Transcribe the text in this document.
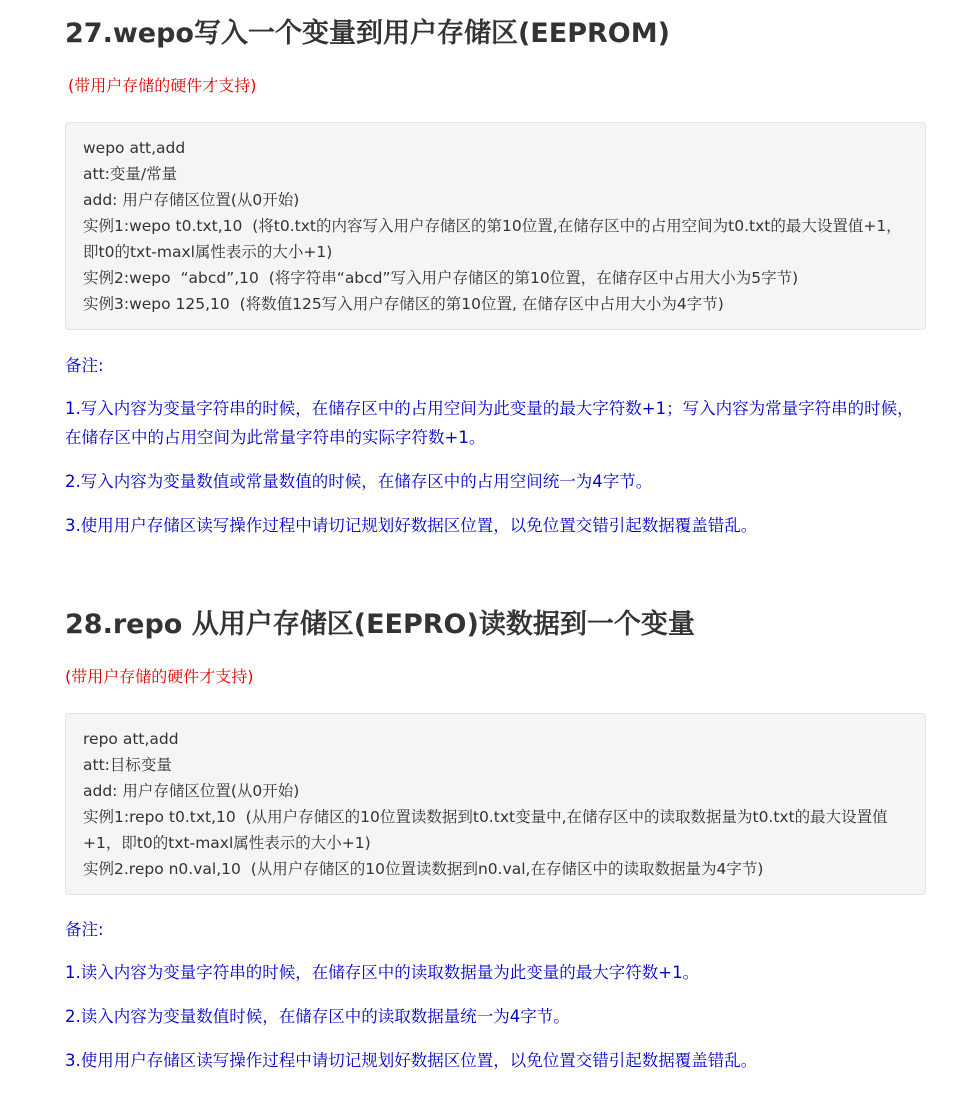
27.wepo写入一个变量到用户存储区(EEPROM)
(带用户存储的硬件才支持)
wepo att,add
att:变量/常量
add: 用户存储区位置(从0开始)
实例1:wepo t0.txt,10  (将t0.txt的内容写入用户存储区的第10位置,在储存区中的占用空间为t0.txt的最大设置值+1，即t0的txt-maxl属性表示的大小+1)
实例2:wepo  “abcd”,10  (将字符串“abcd”写入用户存储区的第10位置，在储存区中占用大小为5字节)
实例3:wepo 125,10  (将数值125写入用户存储区的第10位置, 在储存区中占用大小为4字节)
备注:
1.写入内容为变量字符串的时候，在储存区中的占用空间为此变量的最大字符数+1；写入内容为常量字符串的时候，在储存区中的占用空间为此常量字符串的实际字符数+1。
2.写入内容为变量数值或常量数值的时候，在储存区中的占用空间统一为4字节。
3.使用用户存储区读写操作过程中请切记规划好数据区位置，以免位置交错引起数据覆盖错乱。
28.repo 从用户存储区(EEPRO)读数据到一个变量
(带用户存储的硬件才支持)
repo att,add
att:目标变量
add: 用户存储区位置(从0开始)
实例1:repo t0.txt,10  (从用户存储区的10位置读数据到t0.txt变量中,在储存区中的读取数据量为t0.txt的最大设置值+1，即t0的txt-maxl属性表示的大小+1)
实例2.repo n0.val,10  (从用户存储区的10位置读数据到n0.val,在存储区中的读取数据量为4字节)
备注:
1.读入内容为变量字符串的时候，在储存区中的读取数据量为此变量的最大字符数+1。
2.读入内容为变量数值时候，在储存区中的读取数据量统一为4字节。
3.使用用户存储区读写操作过程中请切记规划好数据区位置，以免位置交错引起数据覆盖错乱。
